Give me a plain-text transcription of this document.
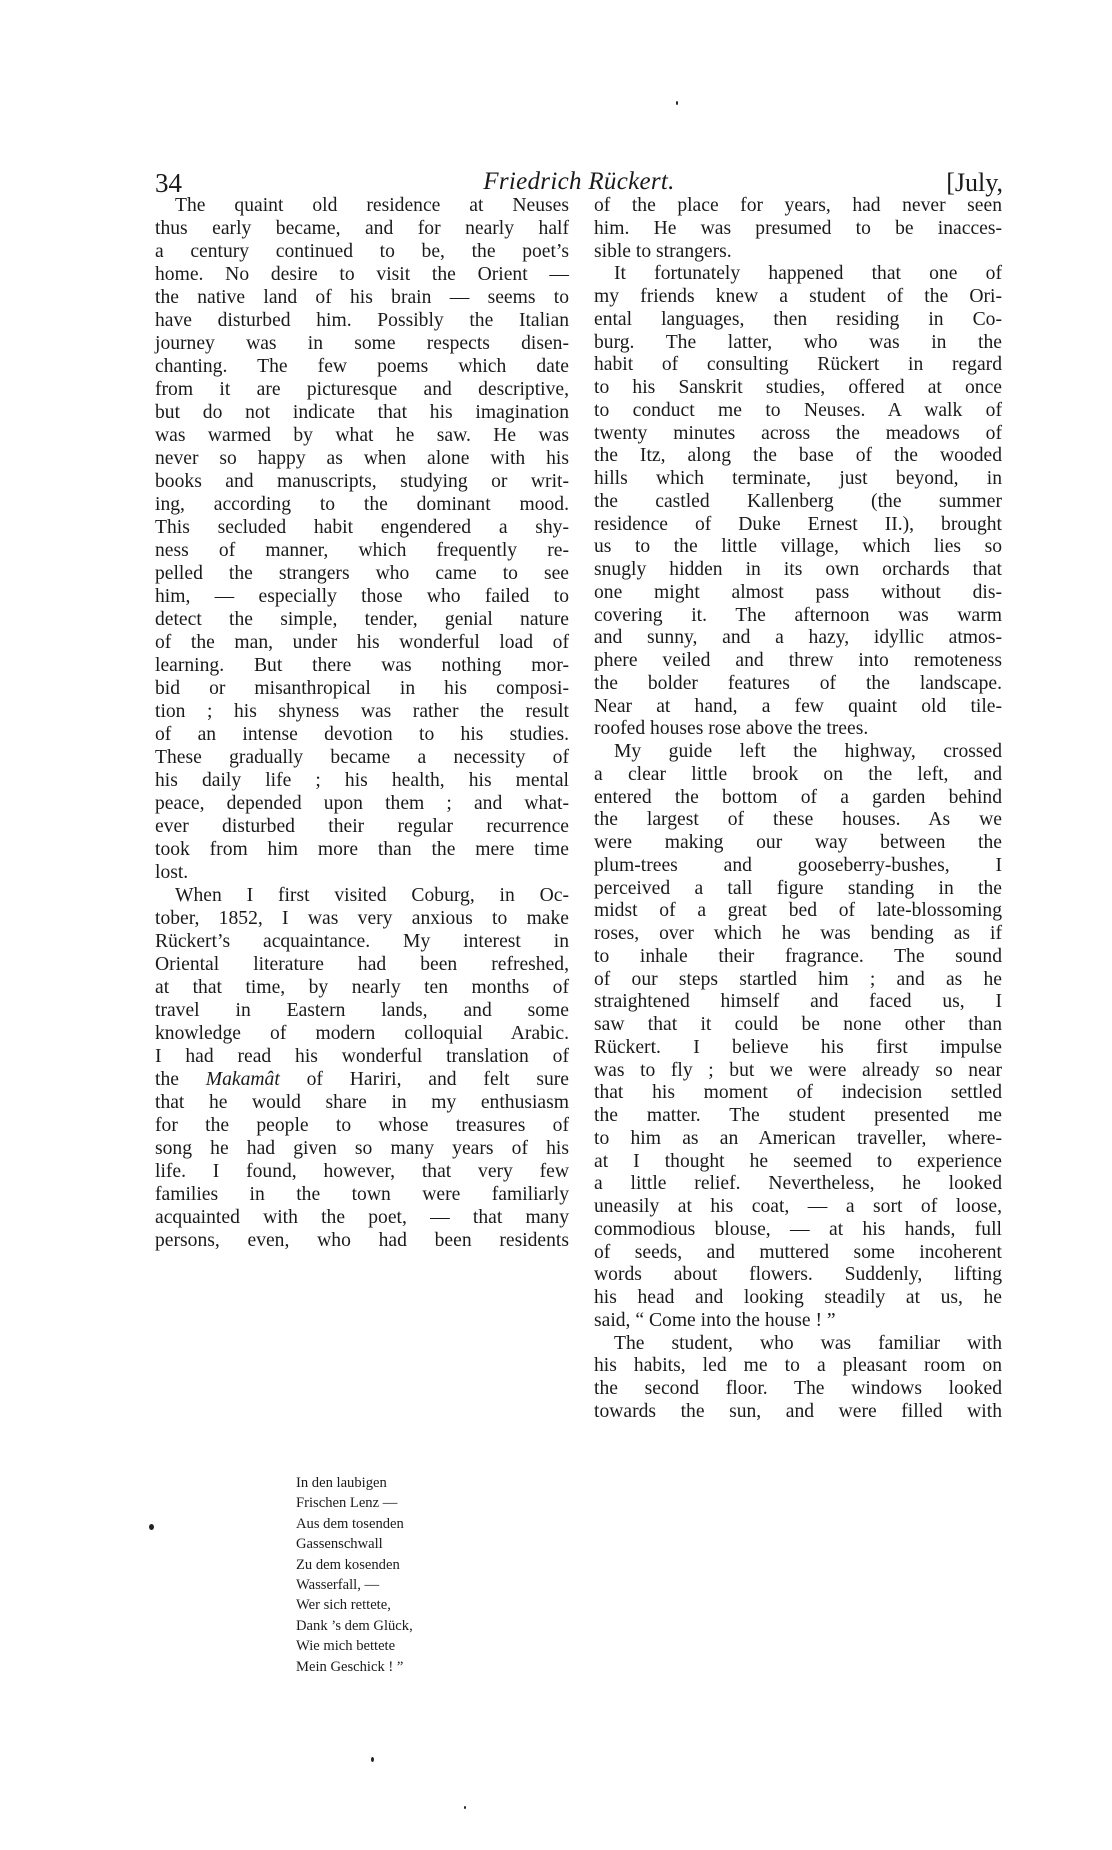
34	Friedrich Rückert.	[July,
The quaint old residence at Neuses
thus early became, and for nearly half
a century continued to be, the poet’s
home. No desire to visit the Orient —
the native land of his brain — seems to
have disturbed him. Possibly the Italian
journey was in some respects disen-
chanting. The few poems which date
from it are picturesque and descriptive,
but do not indicate that his imagination
was warmed by what he saw. He was
never so happy as when alone with his
books and manuscripts, studying or writ-
ing, according to the dominant mood.
This secluded habit engendered a shy-
ness of manner, which frequently re-
pelled the strangers who came to see
him, — especially those who failed to
detect the simple, tender, genial nature
of the man, under his wonderful load of
learning. But there was nothing mor-
bid or misanthropical in his composi-
tion ; his shyness was rather the result
of an intense devotion to his studies.
These gradually became a necessity of
his daily life ; his health, his mental
peace, depended upon them ; and what-
ever disturbed their regular recurrence
took from him more than the mere time
lost.
When I first visited Coburg, in Oc-
tober, 1852, I was very anxious to make
Rückert’s acquaintance. My interest in
Oriental literature had been refreshed,
at that time, by nearly ten months of
travel in Eastern lands, and some
knowledge of modern colloquial Arabic.
I had read his wonderful translation of
the Makamât of Hariri, and felt sure
that he would share in my enthusiasm
for the people to whose treasures of
song he had given so many years of his
life. I found, however, that very few
families in the town were familiarly
acquainted with the poet, — that many
persons, even, who had been residents
of the place for years, had never seen
him. He was presumed to be inacces-
sible to strangers.
It fortunately happened that one of
my friends knew a student of the Ori-
ental languages, then residing in Co-
burg. The latter, who was in the
habit of consulting Rückert in regard
to his Sanskrit studies, offered at once
to conduct me to Neuses. A walk of
twenty minutes across the meadows of
the Itz, along the base of the wooded
hills which terminate, just beyond, in
the castled Kallenberg (the summer
residence of Duke Ernest II.), brought
us to the little village, which lies so
snugly hidden in its own orchards that
one might almost pass without dis-
covering it. The afternoon was warm
and sunny, and a hazy, idyllic atmos-
phere veiled and threw into remoteness
the bolder features of the landscape.
Near at hand, a few quaint old tile-
roofed houses rose above the trees.
My guide left the highway, crossed
a clear little brook on the left, and
entered the bottom of a garden behind
the largest of these houses. As we
were making our way between the
plum-trees and gooseberry-bushes, I
perceived a tall figure standing in the
midst of a great bed of late-blossoming
roses, over which he was bending as if
to inhale their fragrance. The sound
of our steps startled him ; and as he
straightened himself and faced us, I
saw that it could be none other than
Rückert. I believe his first impulse
was to fly ; but we were already so near
that his moment of indecision settled
the matter. The student presented me
to him as an American traveller, where-
at I thought he seemed to experience
a little relief. Nevertheless, he looked
uneasily at his coat, — a sort of loose,
commodious blouse, — at his hands, full
of seeds, and muttered some incoherent
words about flowers. Suddenly, lifting
his head and looking steadily at us, he
said, “ Come into the house ! ”
The student, who was familiar with
his habits, led me to a pleasant room on
the second floor. The windows looked
towards the sun, and were filled with
In den laubigen
Frischen Lenz —
Aus dem tosenden
Gassenschwall
Zu dem kosenden
Wasserfall, —
Wer sich rettete,
Dank ’s dem Glück,
Wie mich bettete
Mein Geschick ! ”
